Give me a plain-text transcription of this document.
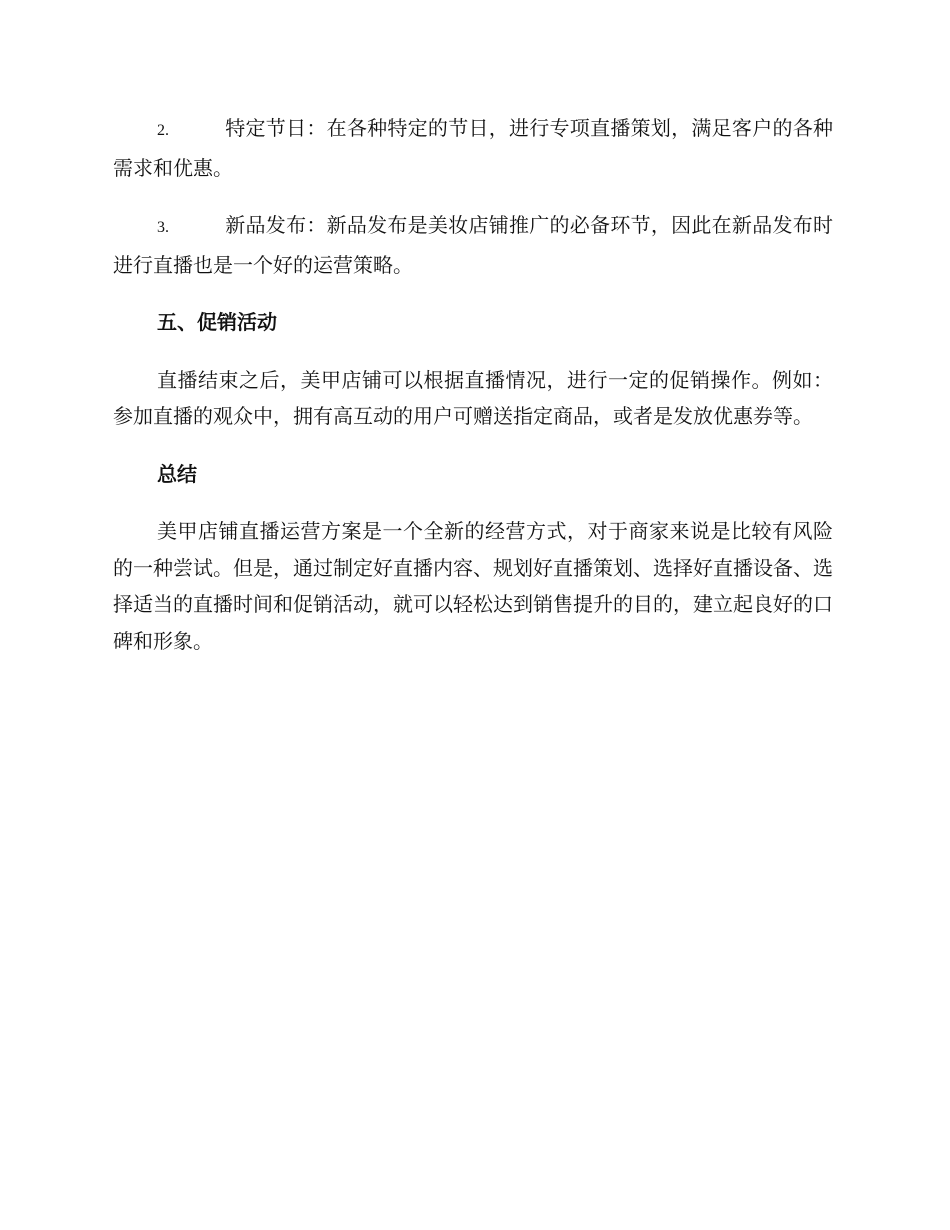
2.	特定节日：在各种特定的节日，进行专项直播策划，满足客户的各种需求和优惠。

3.	新品发布：新品发布是美妆店铺推广的必备环节，因此在新品发布时进行直播也是一个好的运营策略。

五、促销活动

直播结束之后，美甲店铺可以根据直播情况，进行一定的促销操作。例如：参加直播的观众中，拥有高互动的用户可赠送指定商品，或者是发放优惠券等。

总结

美甲店铺直播运营方案是一个全新的经营方式，对于商家来说是比较有风险的一种尝试。但是，通过制定好直播内容、规划好直播策划、选择好直播设备、选择适当的直播时间和促销活动，就可以轻松达到销售提升的目的，建立起良好的口碑和形象。
